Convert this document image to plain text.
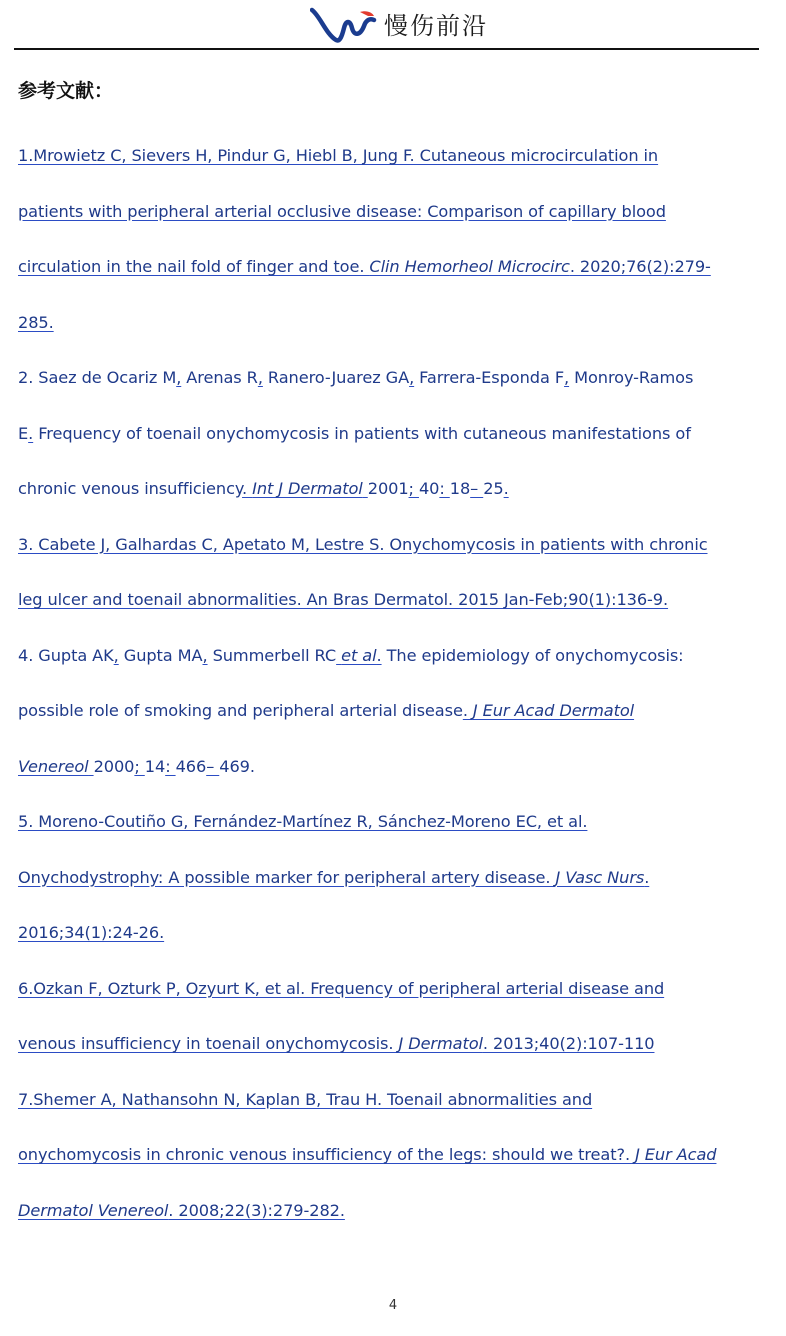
慢伤前沿
参考文献：

1.Mrowietz C, Sievers H, Pindur G, Hiebl B, Jung F. Cutaneous microcirculation in

patients with peripheral arterial occlusive disease: Comparison of capillary blood

circulation in the nail fold of finger and toe. Clin Hemorheol Microcirc. 2020;76(2):279-

285.

2. Saez de Ocariz M, Arenas R, Ranero-Juarez GA, Farrera-Esponda F, Monroy-Ramos

E. Frequency of toenail onychomycosis in patients with cutaneous manifestations of

chronic venous insufficiency. Int J Dermatol 2001; 40: 18– 25.

3. Cabete J, Galhardas C, Apetato M, Lestre S. Onychomycosis in patients with chronic

leg ulcer and toenail abnormalities. An Bras Dermatol. 2015 Jan-Feb;90(1):136-9.

4. Gupta AK, Gupta MA, Summerbell RC et al. The epidemiology of onychomycosis:

possible role of smoking and peripheral arterial disease. J Eur Acad Dermatol

Venereol 2000; 14: 466– 469.

5. Moreno-Coutiño G, Fernández-Martínez R, Sánchez-Moreno EC, et al.

Onychodystrophy: A possible marker for peripheral artery disease. J Vasc Nurs.

2016;34(1):24-26.

6.Ozkan F, Ozturk P, Ozyurt K, et al. Frequency of peripheral arterial disease and

venous insufficiency in toenail onychomycosis. J Dermatol. 2013;40(2):107-110

7.Shemer A, Nathansohn N, Kaplan B, Trau H. Toenail abnormalities and

onychomycosis in chronic venous insufficiency of the legs: should we treat?. J Eur Acad

Dermatol Venereol. 2008;22(3):279-282.

4
